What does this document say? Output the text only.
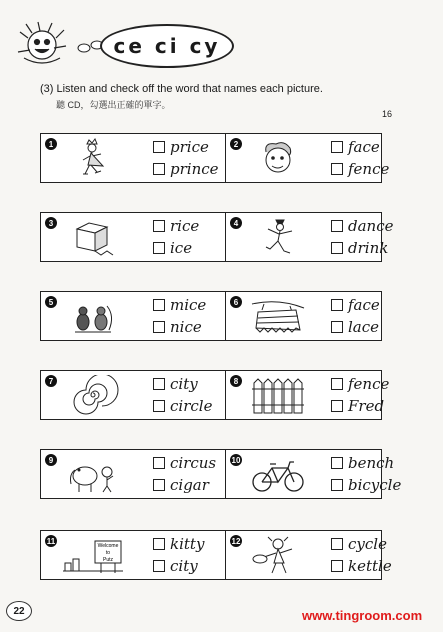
ce ci cy
(3) Listen and check off the word that names each picture.
聽 CD，勾選出正確的單字。
16
1	price
prince
2	face
fence
3	rice
ice
4	dance
drink
5	mice
nice
6	face
lace
7	city
circle
8	fence
Fred
9	circus
cigar
10	bench
bicycle
11
Welcome
to
Putz
kitty
city
12	cycle
kettle
22	www.tingroom.com
